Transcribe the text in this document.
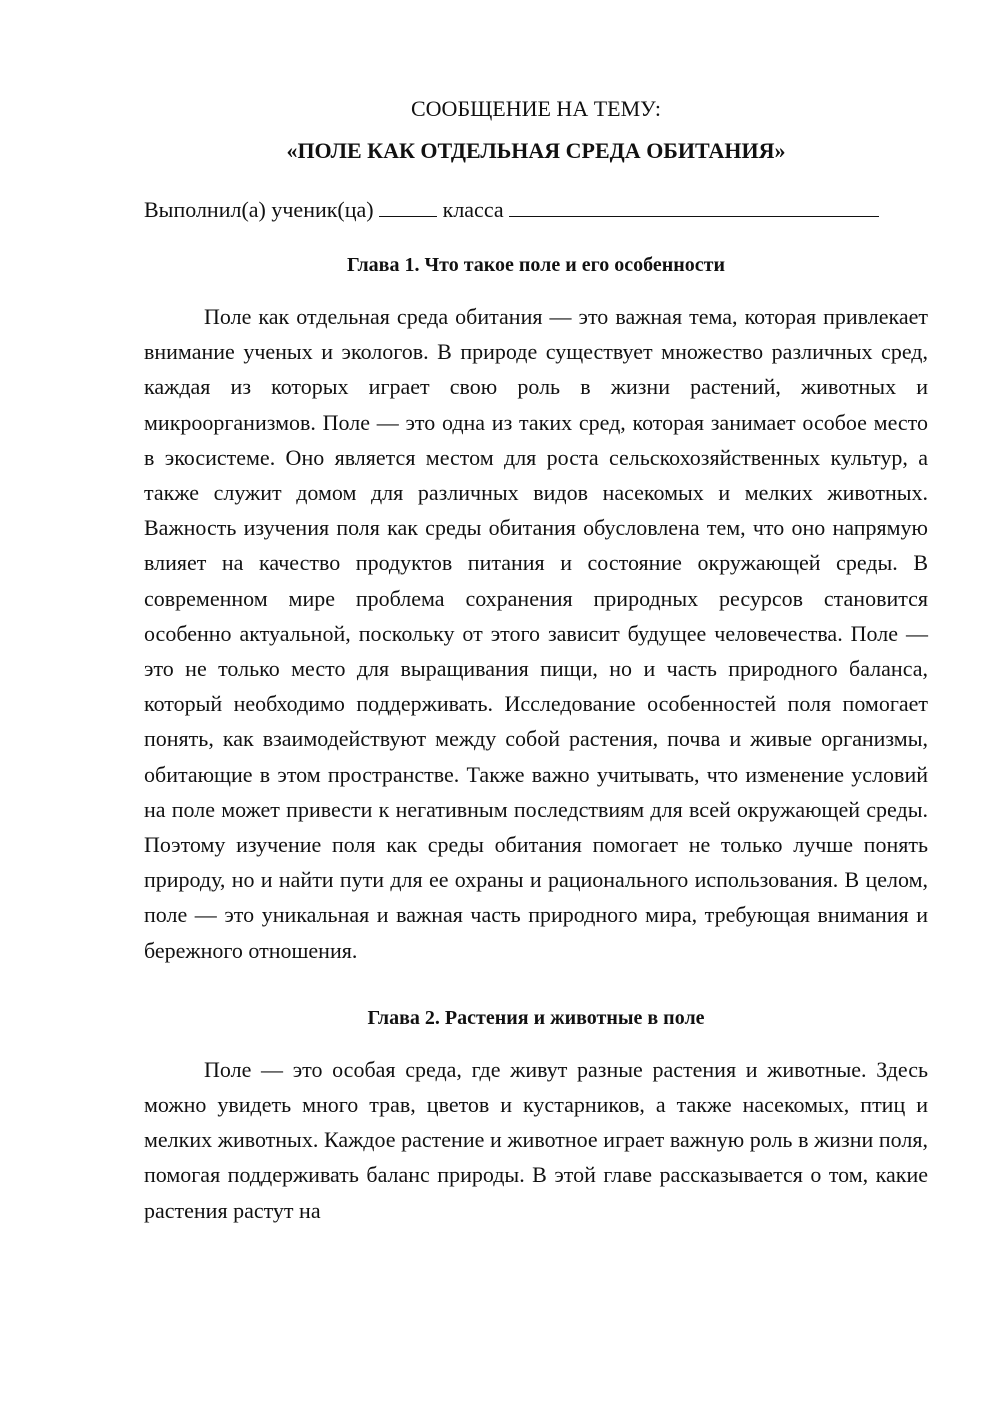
СООБЩЕНИЕ НА ТЕМУ:

«ПОЛЕ КАК ОТДЕЛЬНАЯ СРЕДА ОБИТАНИЯ»

Выполнил(а) ученик(ца)	класса

Глава 1. Что такое поле и его особенности

Поле как отдельная среда обитания — это важная тема, которая привлекает внимание ученых и экологов. В природе существует множество различных сред, каждая из которых играет свою роль в жизни растений, животных и микроорганизмов. Поле — это одна из таких сред, которая занимает особое место в экосистеме. Оно является местом для роста сельскохозяйственных культур, а также служит домом для различных видов насекомых и мелких животных. Важность изучения поля как среды обитания обусловлена тем, что оно напрямую влияет на качество продуктов питания и состояние окружающей среды. В современном мире проблема сохранения природных ресурсов становится особенно актуальной, поскольку от этого зависит будущее человечества. Поле — это не только место для выращивания пищи, но и часть природного баланса, который необходимо поддерживать. Исследование особенностей поля помогает понять, как взаимодействуют между собой растения, почва и живые организмы, обитающие в этом пространстве. Также важно учитывать, что изменение условий на поле может привести к негативным последствиям для всей окружающей среды. Поэтому изучение поля как среды обитания помогает не только лучше понять природу, но и найти пути для ее охраны и рационального использования. В целом, поле — это уникальная и важная часть природного мира, требующая внимания и бережного отношения.

Глава 2. Растения и животные в поле

Поле — это особая среда, где живут разные растения и животные. Здесь можно увидеть много трав, цветов и кустарников, а также насекомых, птиц и мелких животных. Каждое растение и животное играет важную роль в жизни поля, помогая поддерживать баланс природы. В этой главе рассказывается о том, какие растения растут на
